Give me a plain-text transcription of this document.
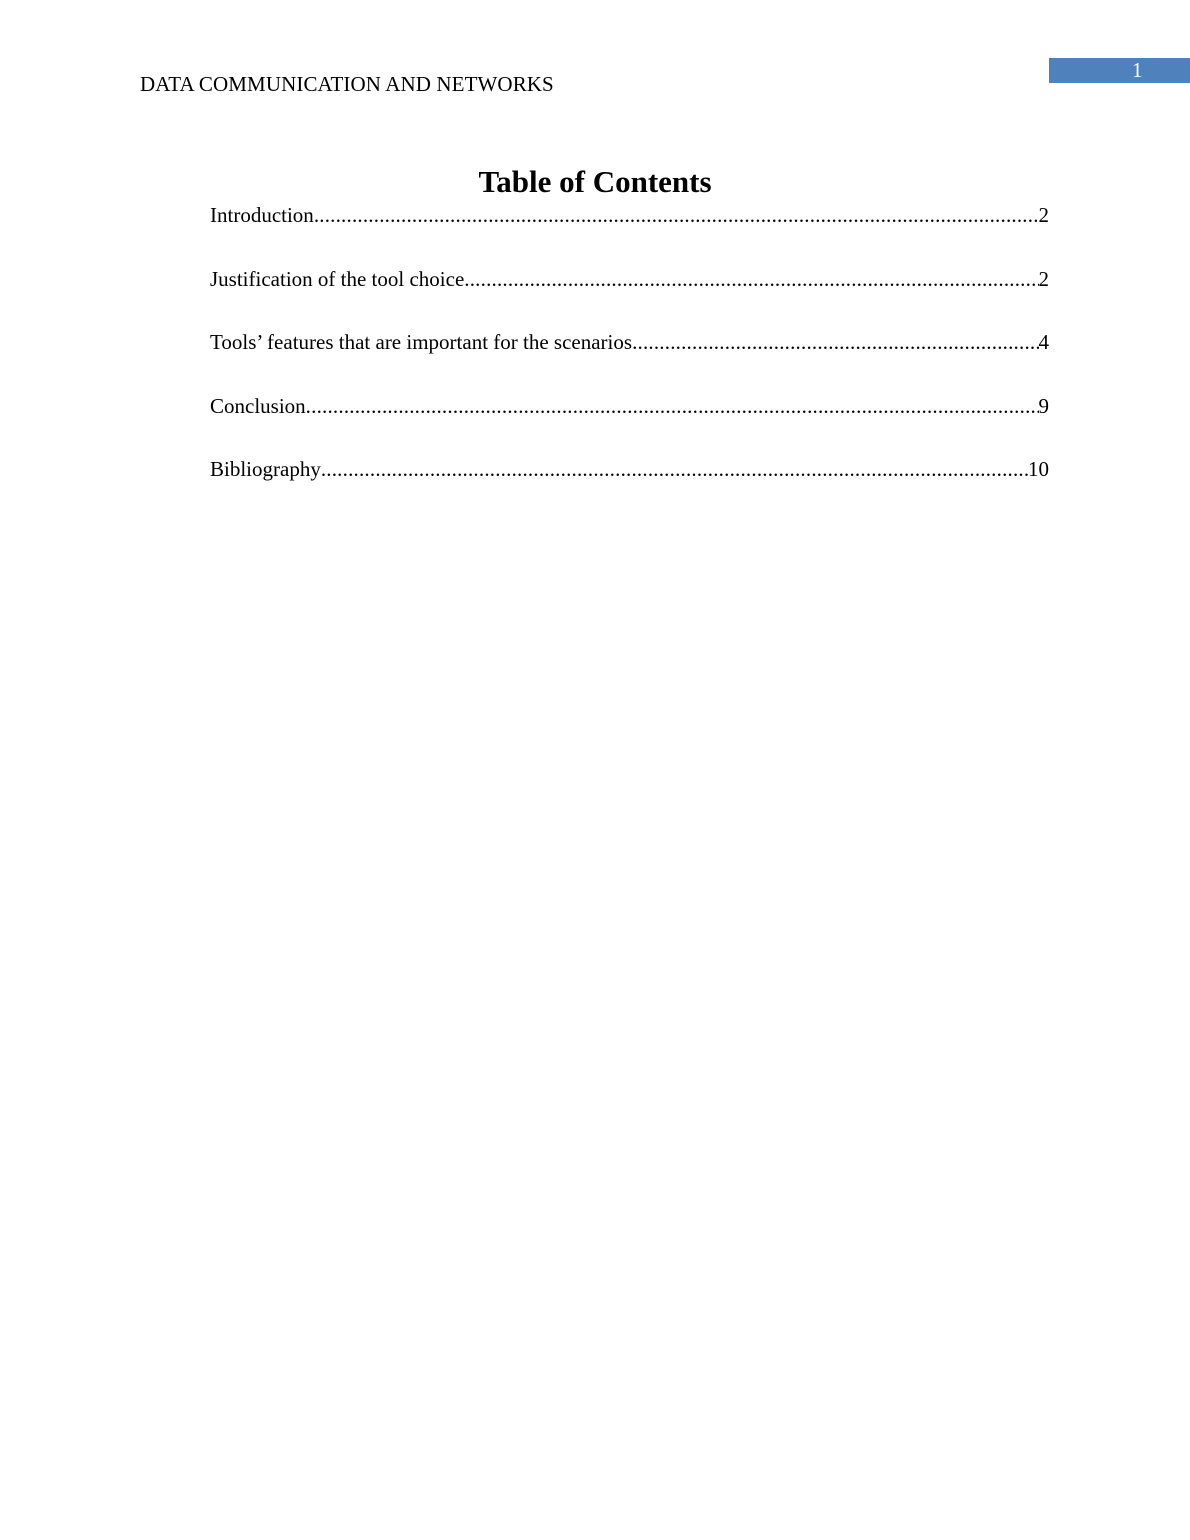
DATA COMMUNICATION AND NETWORKS
1
Table of Contents
Introduction .....	2
Justification of the tool choice .....	2
Tools’ features that are important for the scenarios .....	4
Conclusion .....	9
Bibliography .....	10
